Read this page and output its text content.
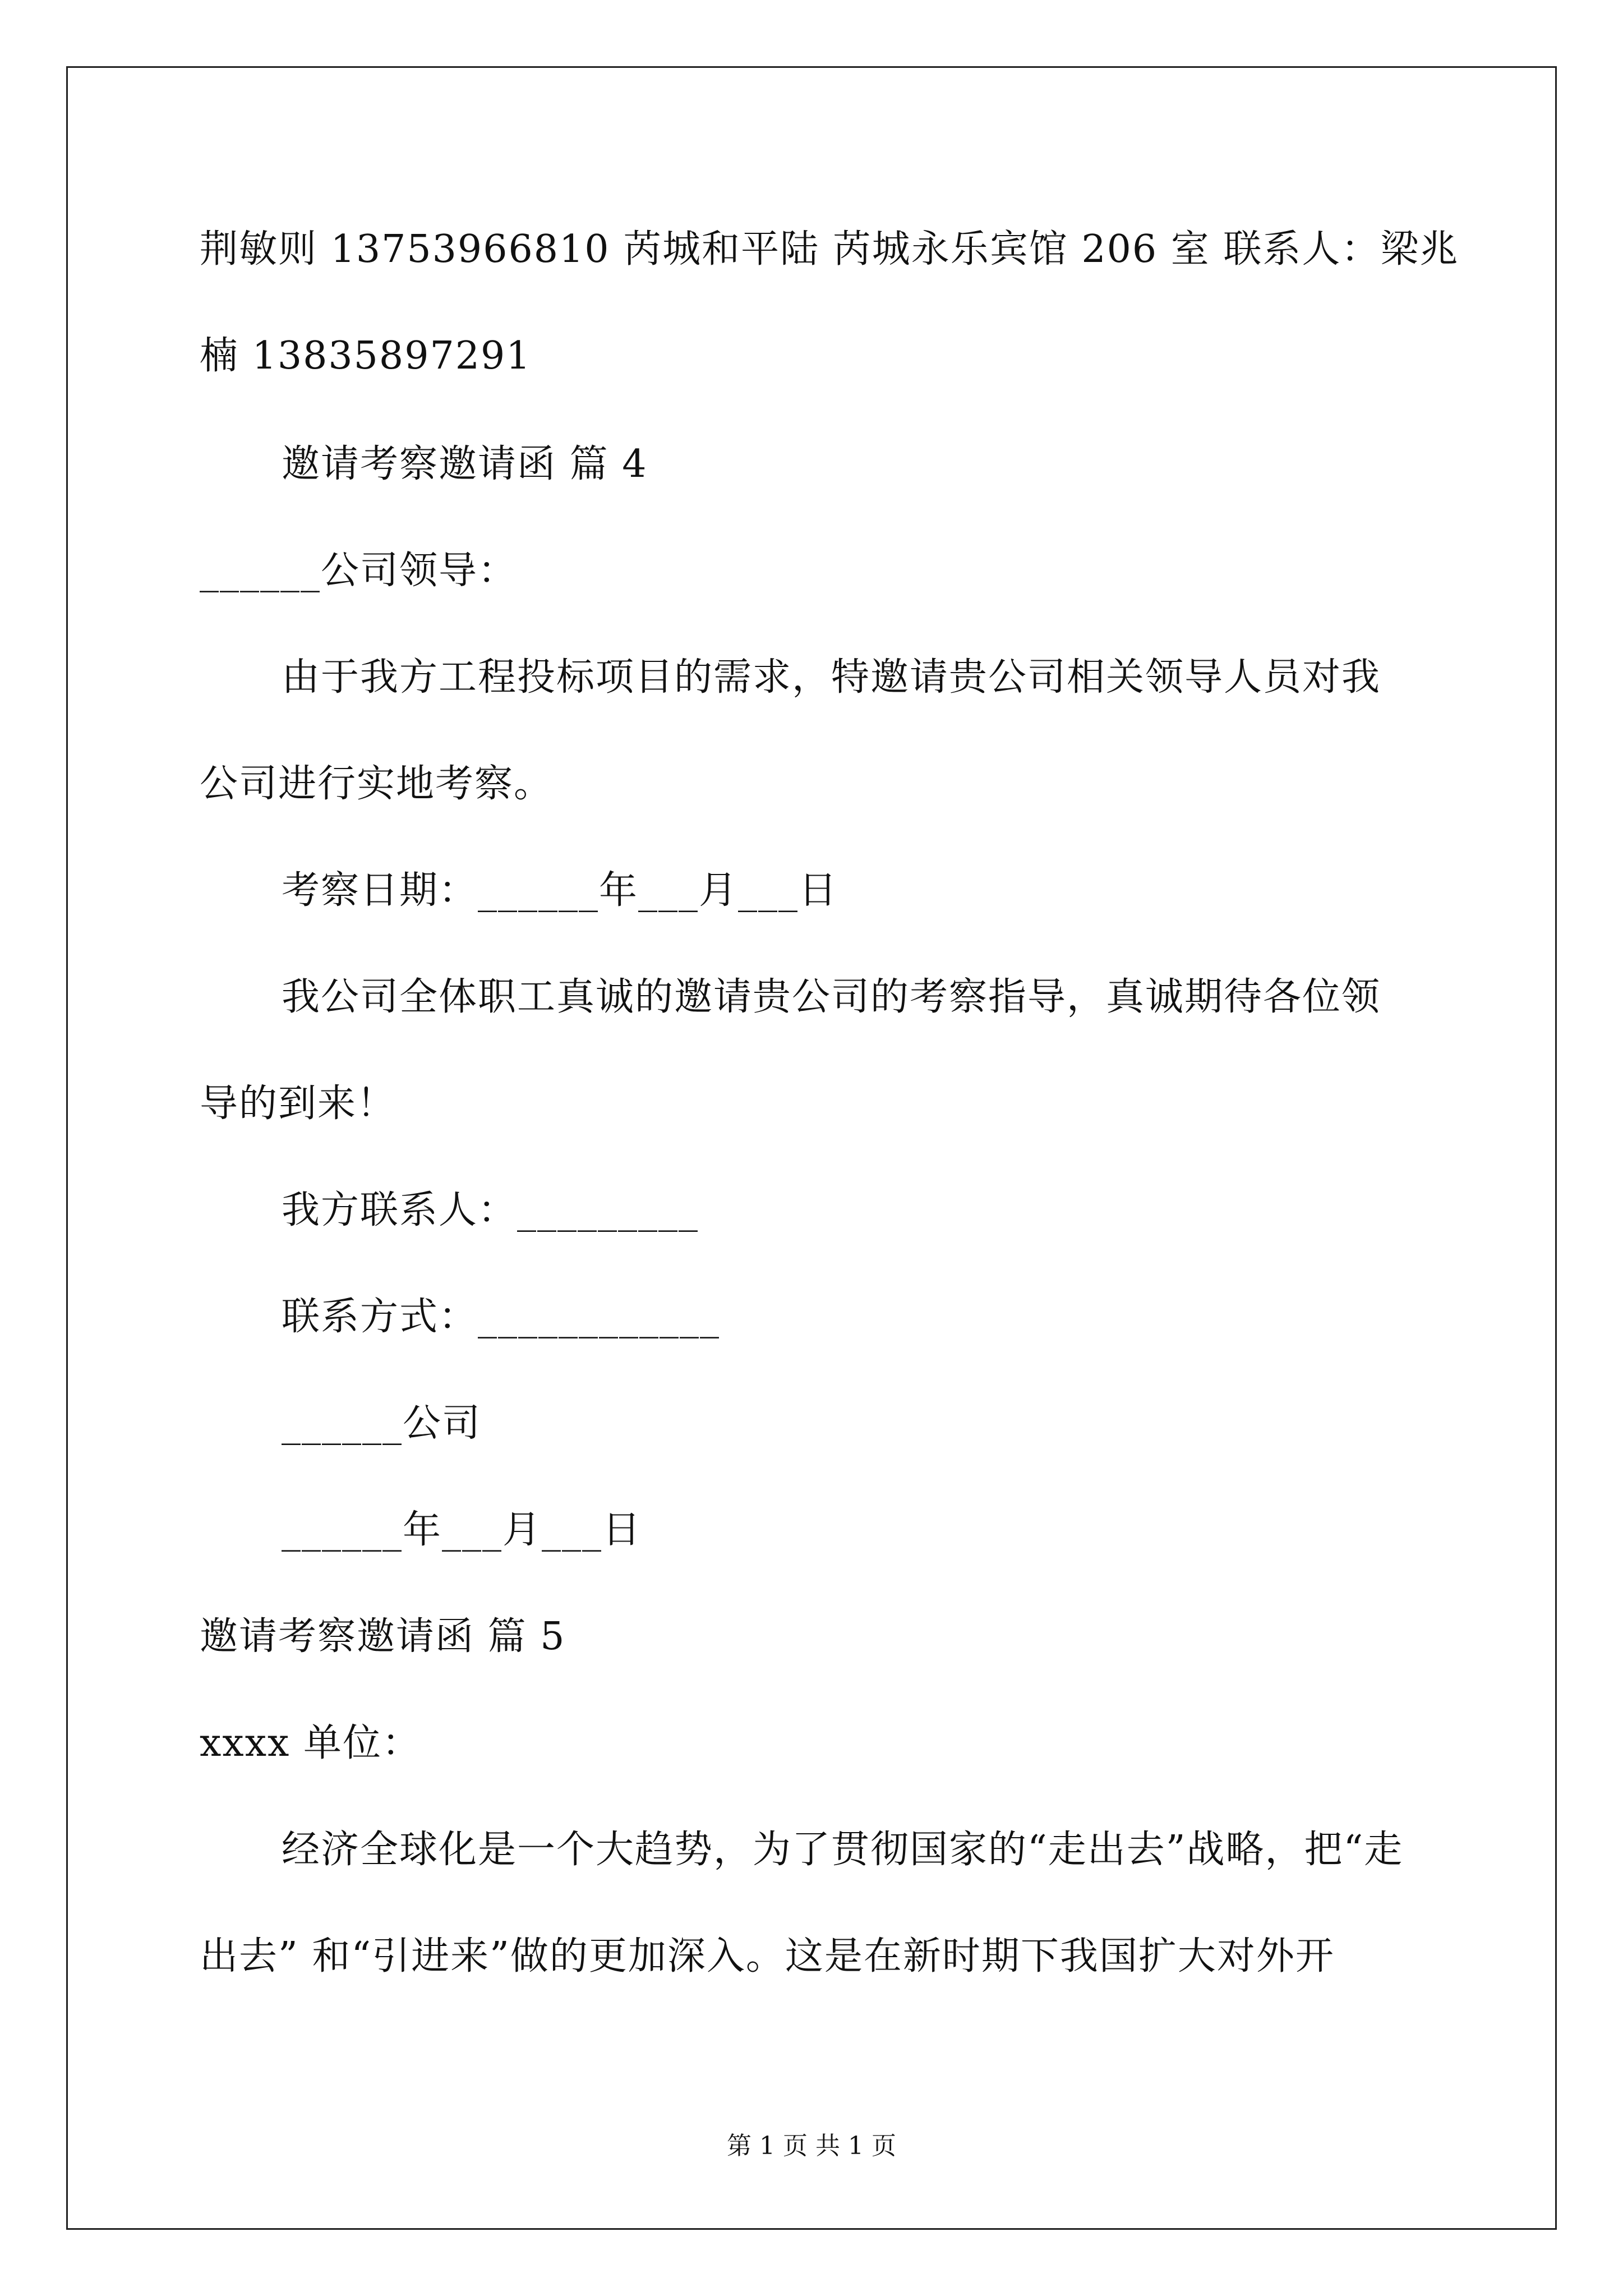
荆敏则 13753966810 芮城和平陆 芮城永乐宾馆 206 室 联系人：梁兆
楠 13835897291
邀请考察邀请函 篇 4
______公司领导：
由于我方工程投标项目的需求，特邀请贵公司相关领导人员对我
公司进行实地考察。
考察日期：______年___月___日
我公司全体职工真诚的邀请贵公司的考察指导，真诚期待各位领
导的到来！
我方联系人：_________
联系方式：____________
______公司
______年___月___日
邀请考察邀请函 篇 5
xxxx 单位：
经济全球化是一个大趋势，为了贯彻国家的“走出去”战略，把“走
出去” 和“引进来”做的更加深入。这是在新时期下我国扩大对外开
第 1 页 共 1 页
